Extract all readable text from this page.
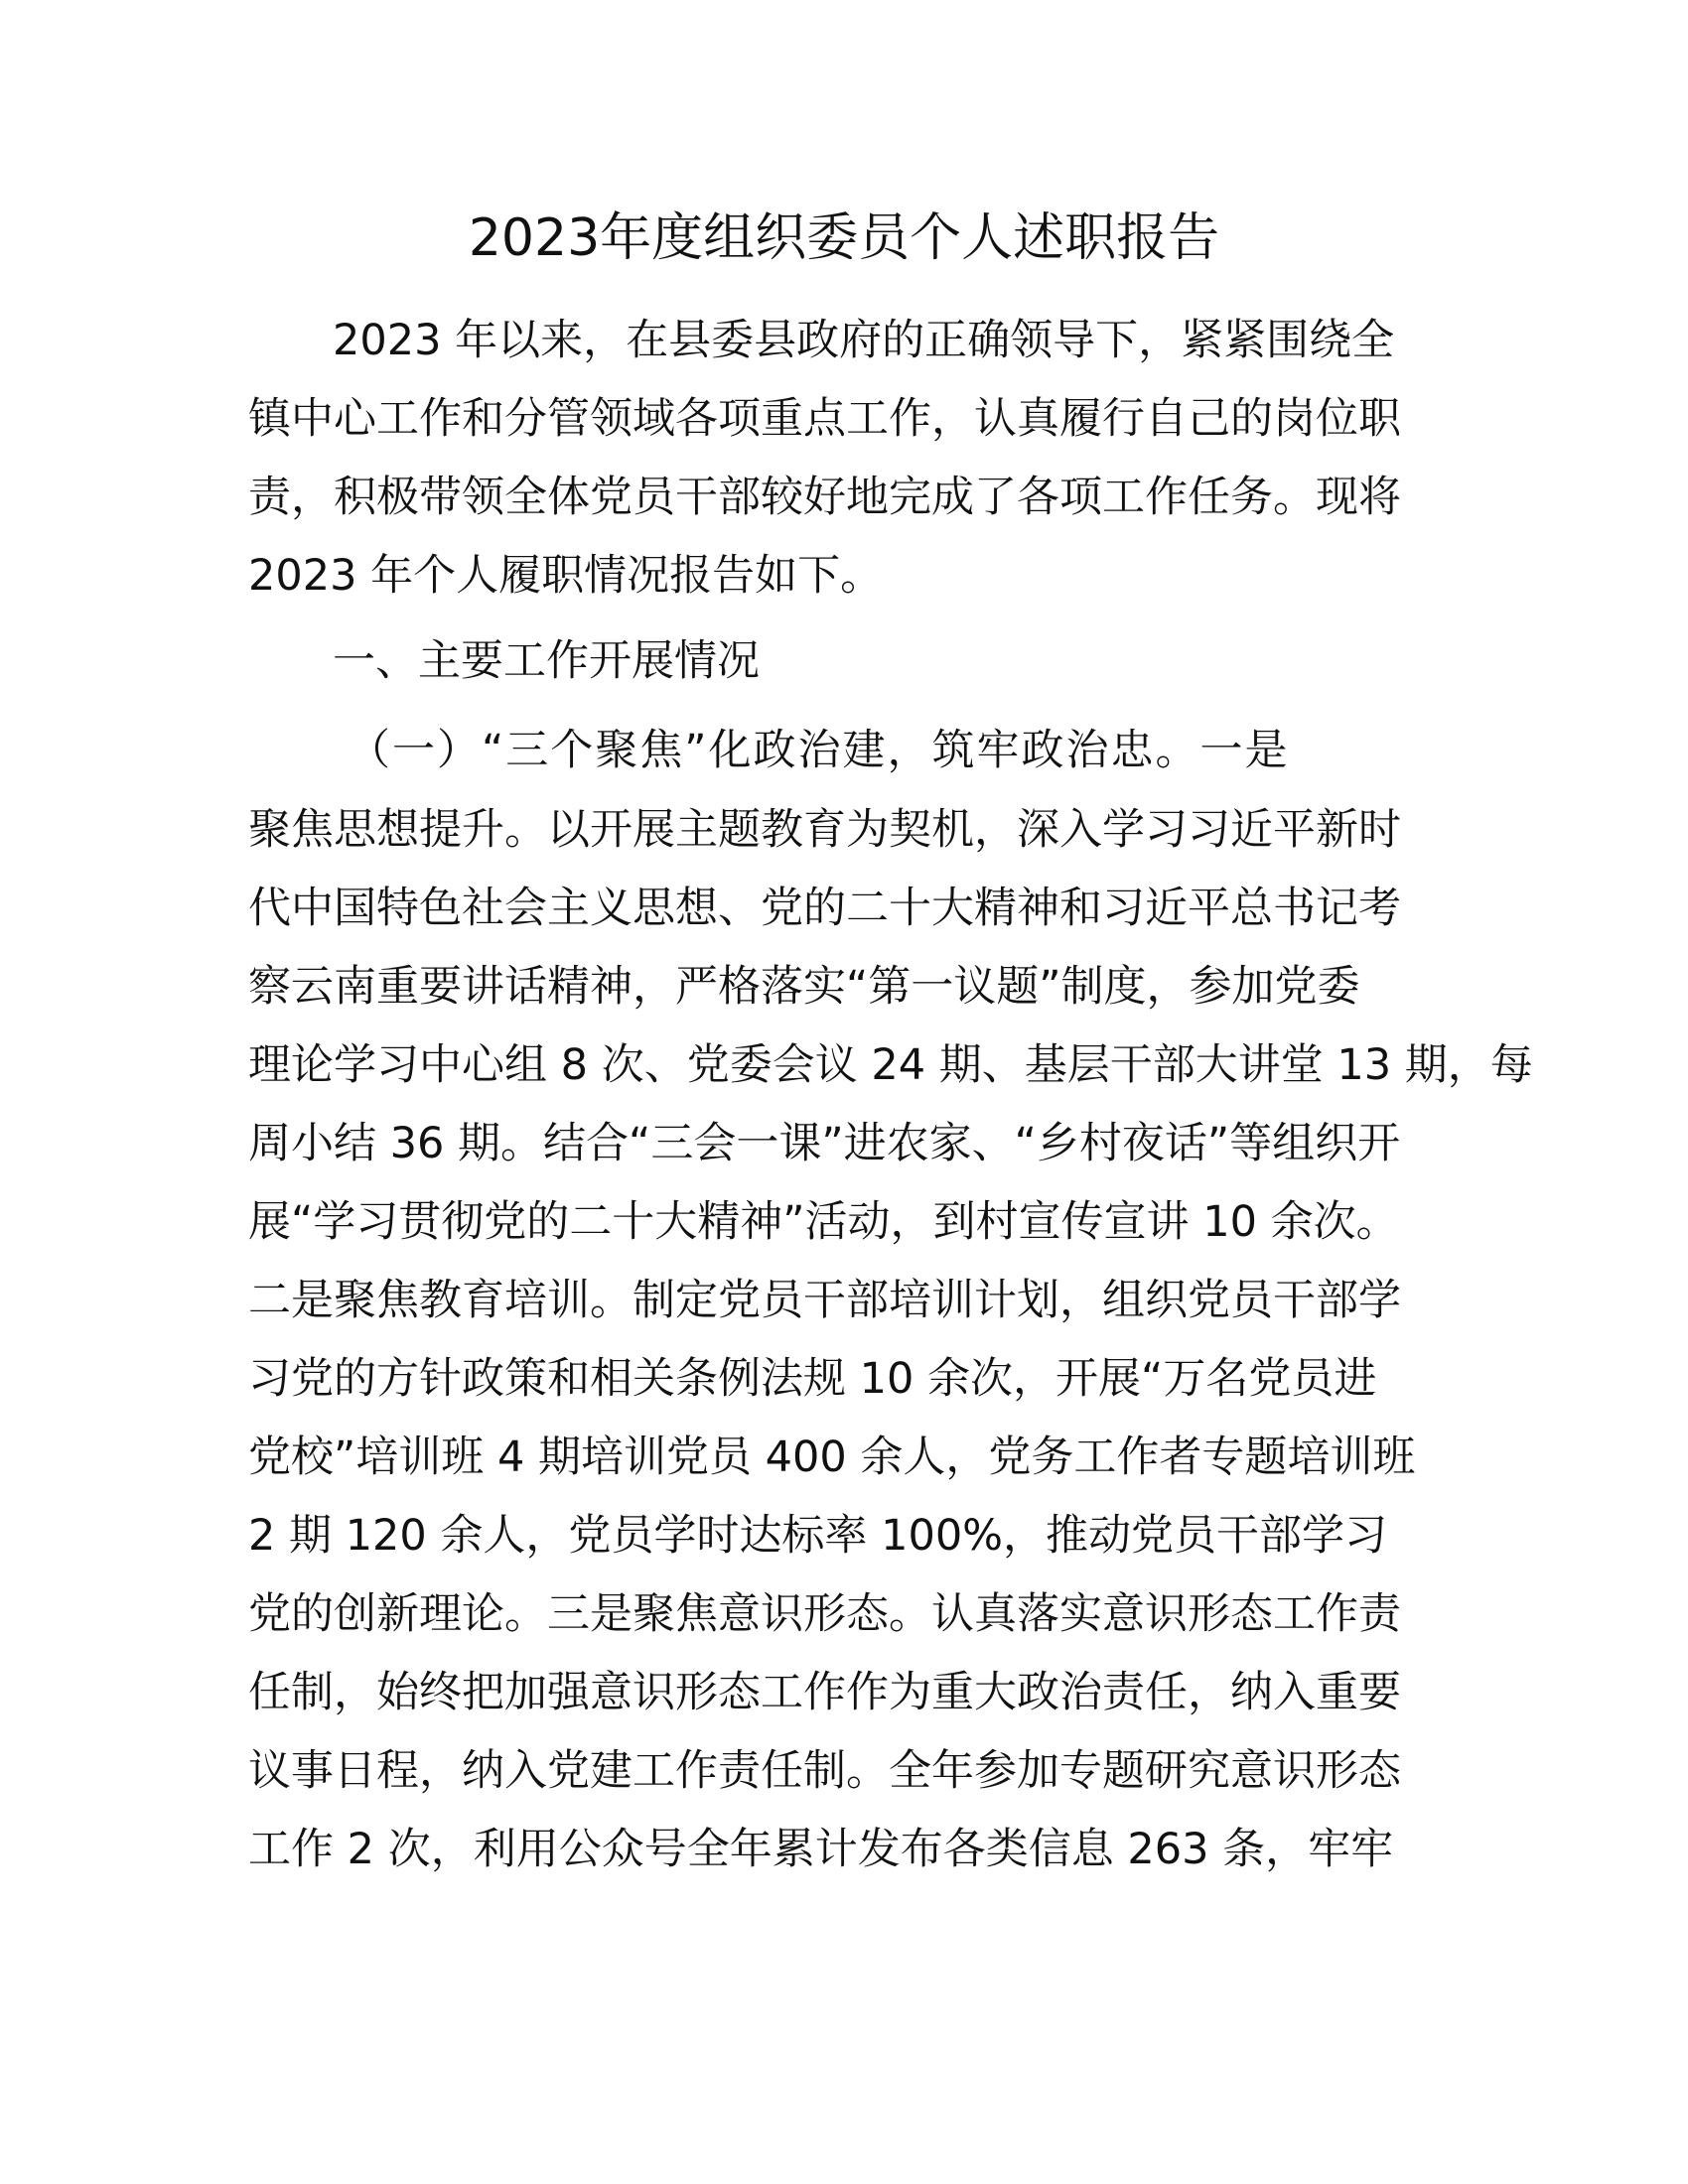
2023年度组织委员个人述职报告
2023 年以来，在县委县政府的正确领导下，紧紧围绕全
镇中心工作和分管领域各项重点工作，认真履行自己的岗位职
责，积极带领全体党员干部较好地完成了各项工作任务。现将
2023 年个人履职情况报告如下。
一、主要工作开展情况
（一）“三个聚焦”化政治建，筑牢政治忠。一是
聚焦思想提升。以开展主题教育为契机，深入学习习近平新时
代中国特色社会主义思想、党的二十大精神和习近平总书记考
察云南重要讲话精神，严格落实“第一议题”制度，参加党委
理论学习中心组 8 次、党委会议 24 期、基层干部大讲堂 13 期，每
周小结 36 期。结合“三会一课”进农家、“乡村夜话”等组织开
展“学习贯彻党的二十大精神”活动，到村宣传宣讲 10 余次。
二是聚焦教育培训。制定党员干部培训计划，组织党员干部学
习党的方针政策和相关条例法规 10 余次，开展“万名党员进
党校”培训班 4 期培训党员 400 余人，党务工作者专题培训班
2 期 120 余人，党员学时达标率 100%，推动党员干部学习
党的创新理论。三是聚焦意识形态。认真落实意识形态工作责
任制，始终把加强意识形态工作作为重大政治责任，纳入重要
议事日程，纳入党建工作责任制。全年参加专题研究意识形态
工作 2 次，利用公众号全年累计发布各类信息 263 条，牢牢
